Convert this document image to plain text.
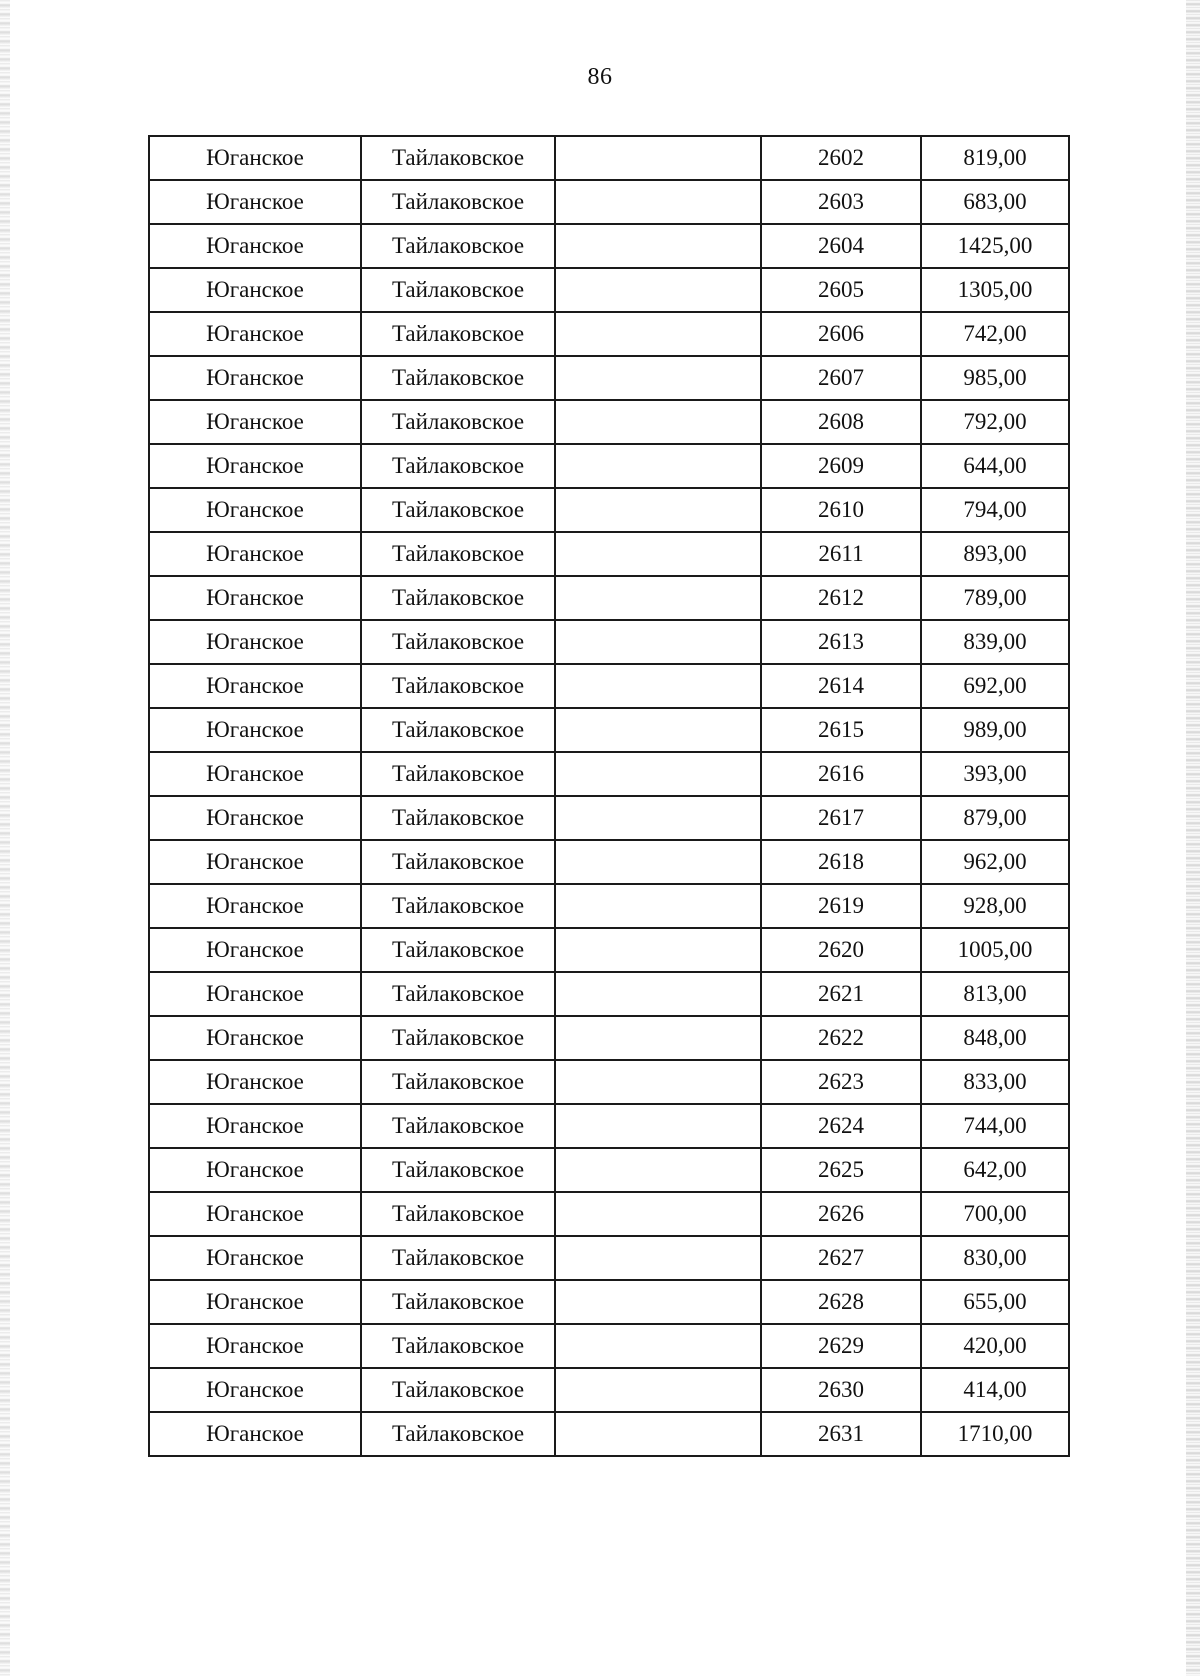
86
Юганское	Тайлаковское		2602	819,00
Юганское	Тайлаковское		2603	683,00
Юганское	Тайлаковское		2604	1425,00
Юганское	Тайлаковское		2605	1305,00
Юганское	Тайлаковское		2606	742,00
Юганское	Тайлаковское		2607	985,00
Юганское	Тайлаковское		2608	792,00
Юганское	Тайлаковское		2609	644,00
Юганское	Тайлаковское		2610	794,00
Юганское	Тайлаковское		2611	893,00
Юганское	Тайлаковское		2612	789,00
Юганское	Тайлаковское		2613	839,00
Юганское	Тайлаковское		2614	692,00
Юганское	Тайлаковское		2615	989,00
Юганское	Тайлаковское		2616	393,00
Юганское	Тайлаковское		2617	879,00
Юганское	Тайлаковское		2618	962,00
Юганское	Тайлаковское		2619	928,00
Юганское	Тайлаковское		2620	1005,00
Юганское	Тайлаковское		2621	813,00
Юганское	Тайлаковское		2622	848,00
Юганское	Тайлаковское		2623	833,00
Юганское	Тайлаковское		2624	744,00
Юганское	Тайлаковское		2625	642,00
Юганское	Тайлаковское		2626	700,00
Юганское	Тайлаковское		2627	830,00
Юганское	Тайлаковское		2628	655,00
Юганское	Тайлаковское		2629	420,00
Юганское	Тайлаковское		2630	414,00
Юганское	Тайлаковское		2631	1710,00
